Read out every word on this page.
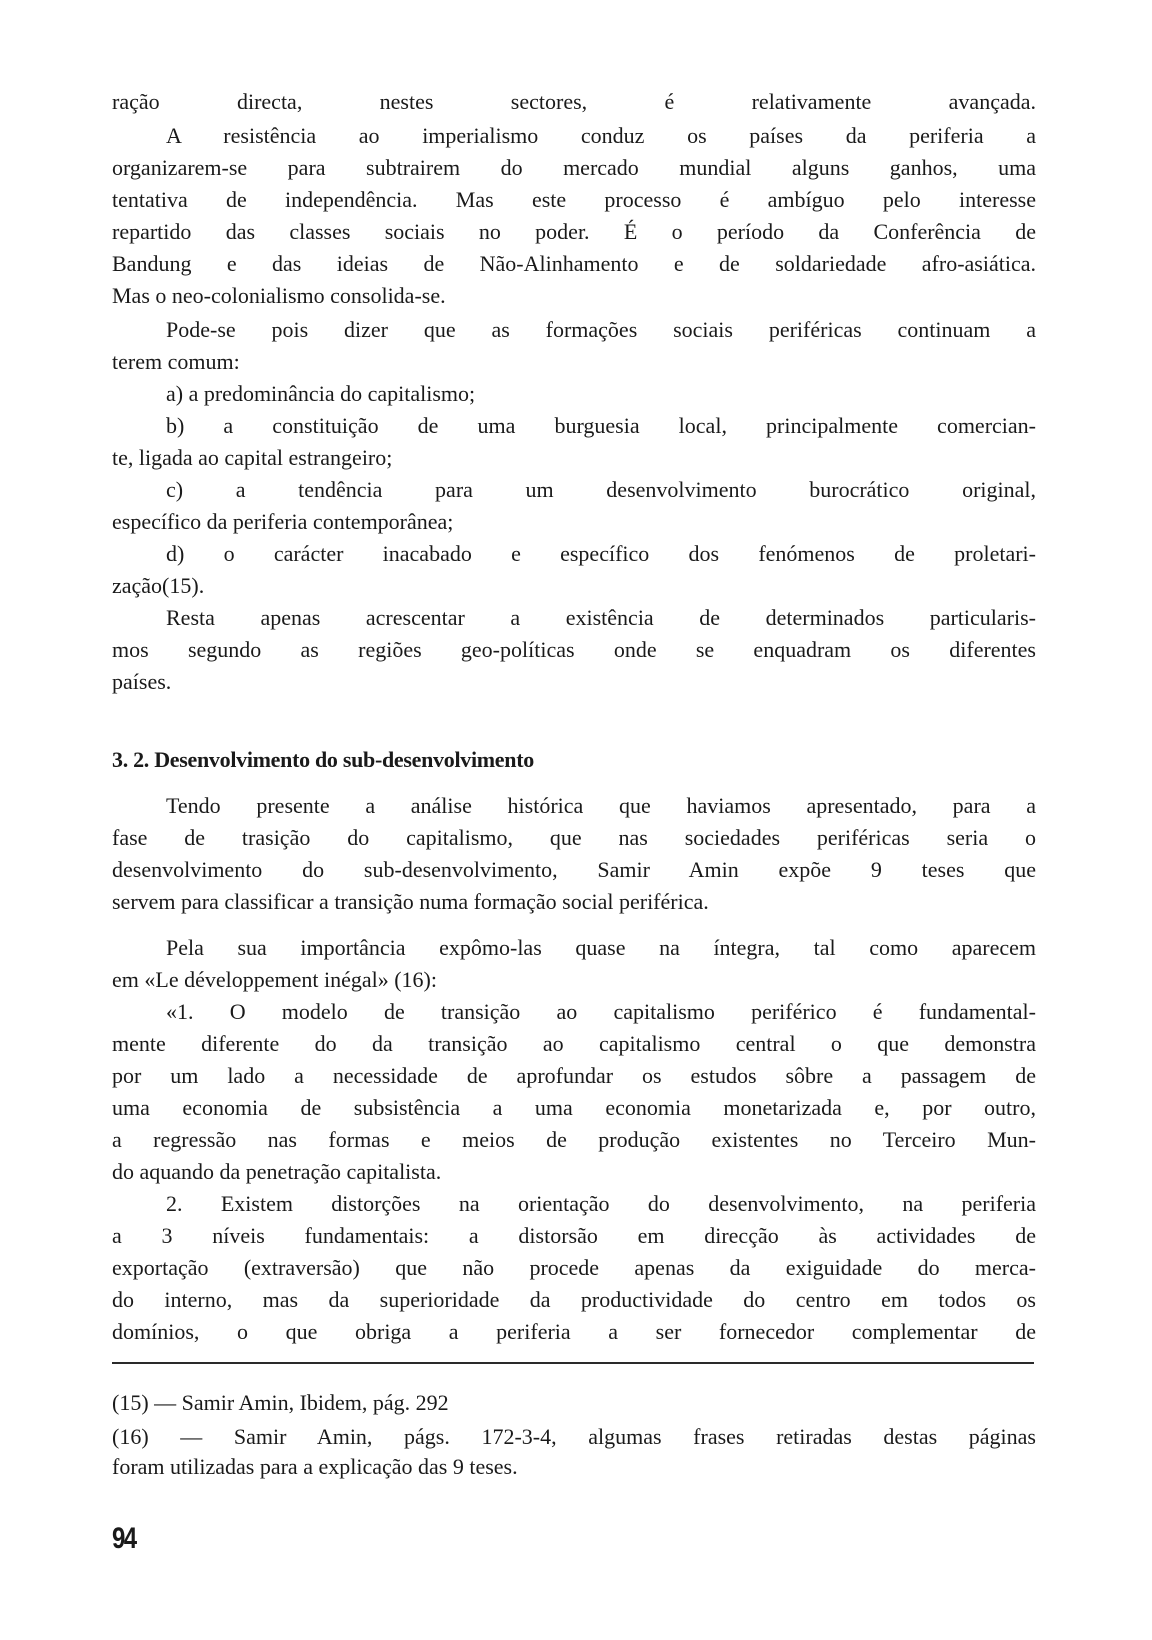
ração directa, nestes sectores, é relativamente avançada.
A resistência ao imperialismo conduz os países da periferia a
organizarem-se para subtrairem do mercado mundial alguns ganhos, uma
tentativa de independência. Mas este processo é ambíguo pelo interesse
repartido das classes sociais no poder. É o período da Conferência de
Bandung e das ideias de Não-Alinhamento e de soldariedade afro-asiática.
Mas o neo-colonialismo consolida-se.
Pode-se pois dizer que as formações sociais periféricas continuam a
terem comum:
a) a predominância do capitalismo;
b) a constituição de uma burguesia local, principalmente comercian-
te, ligada ao capital estrangeiro;
c) a tendência para um desenvolvimento burocrático original,
específico da periferia contemporânea;
d) o carácter inacabado e específico dos fenómenos de proletari-
zação(15).
Resta apenas acrescentar a existência de determinados particularis-
mos segundo as regiões geo-políticas onde se enquadram os diferentes
países.
3. 2. Desenvolvimento do sub-desenvolvimento
Tendo presente a análise histórica que haviamos apresentado, para a
fase de trasição do capitalismo, que nas sociedades periféricas seria o
desenvolvimento do sub-desenvolvimento, Samir Amin expõe 9 teses que
servem para classificar a transição numa formação social periférica.
Pela sua importância expômo-las quase na íntegra, tal como aparecem
em «Le développement inégal» (16):
«1. O modelo de transição ao capitalismo periférico é fundamental-
mente diferente do da transição ao capitalismo central o que demonstra
por um lado a necessidade de aprofundar os estudos sôbre a passagem de
uma economia de subsistência a uma economia monetarizada e, por outro,
a regressão nas formas e meios de produção existentes no Terceiro Mun-
do aquando da penetração capitalista.
2. Existem distorções na orientação do desenvolvimento, na periferia
a 3 níveis fundamentais: a distorsão em direcção às actividades de
exportação (extraversão) que não procede apenas da exiguidade do merca-
do interno, mas da superioridade da productividade do centro em todos os
domínios, o que obriga a periferia a ser fornecedor complementar de
(15) — Samir Amin, Ibidem, pág. 292
(16) — Samir Amin, págs. 172-3-4, algumas frases retiradas destas páginas
foram utilizadas para a explicação das 9 teses.
94
